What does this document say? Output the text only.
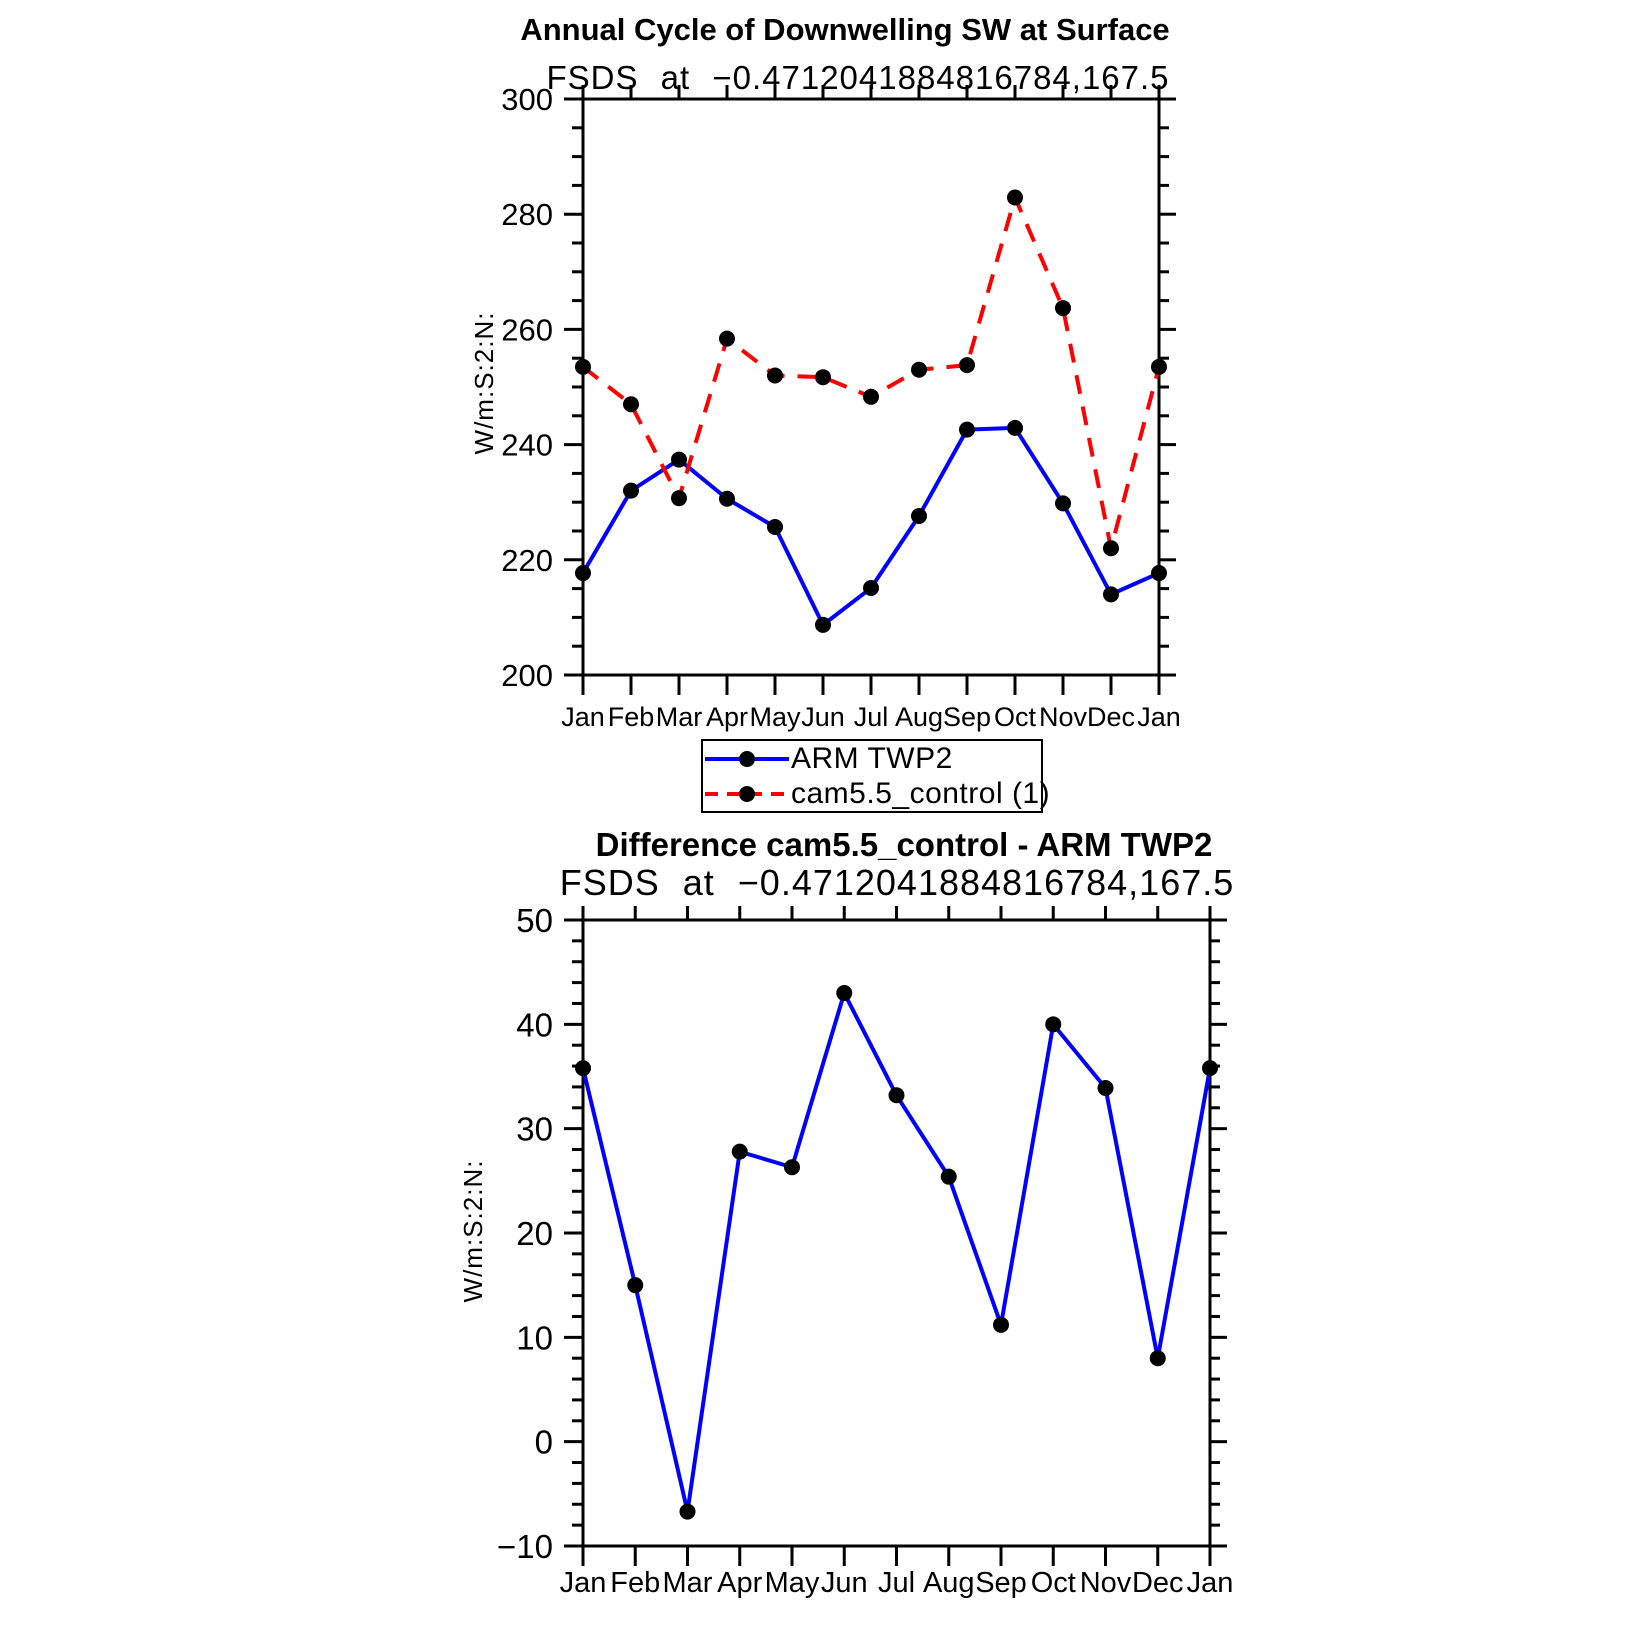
Jan Feb Mar Apr May Jun Jul Aug Sep Oct Nov Dec Jan
200
220
240
260
280
300
Jan Feb Mar Apr May Jun Jul Aug Sep Oct Nov Dec Jan
−10
0
10
20
30
40
50
Annual Cycle of Downwelling SW at Surface
FSDS at −0.4712041884816784,167.5
W/m:S:2:N:
ARM TWP2
cam5.5_control (1)
Difference cam5.5_control - ARM TWP2
FSDS at −0.4712041884816784,167.5
W/m:S:2:N:
